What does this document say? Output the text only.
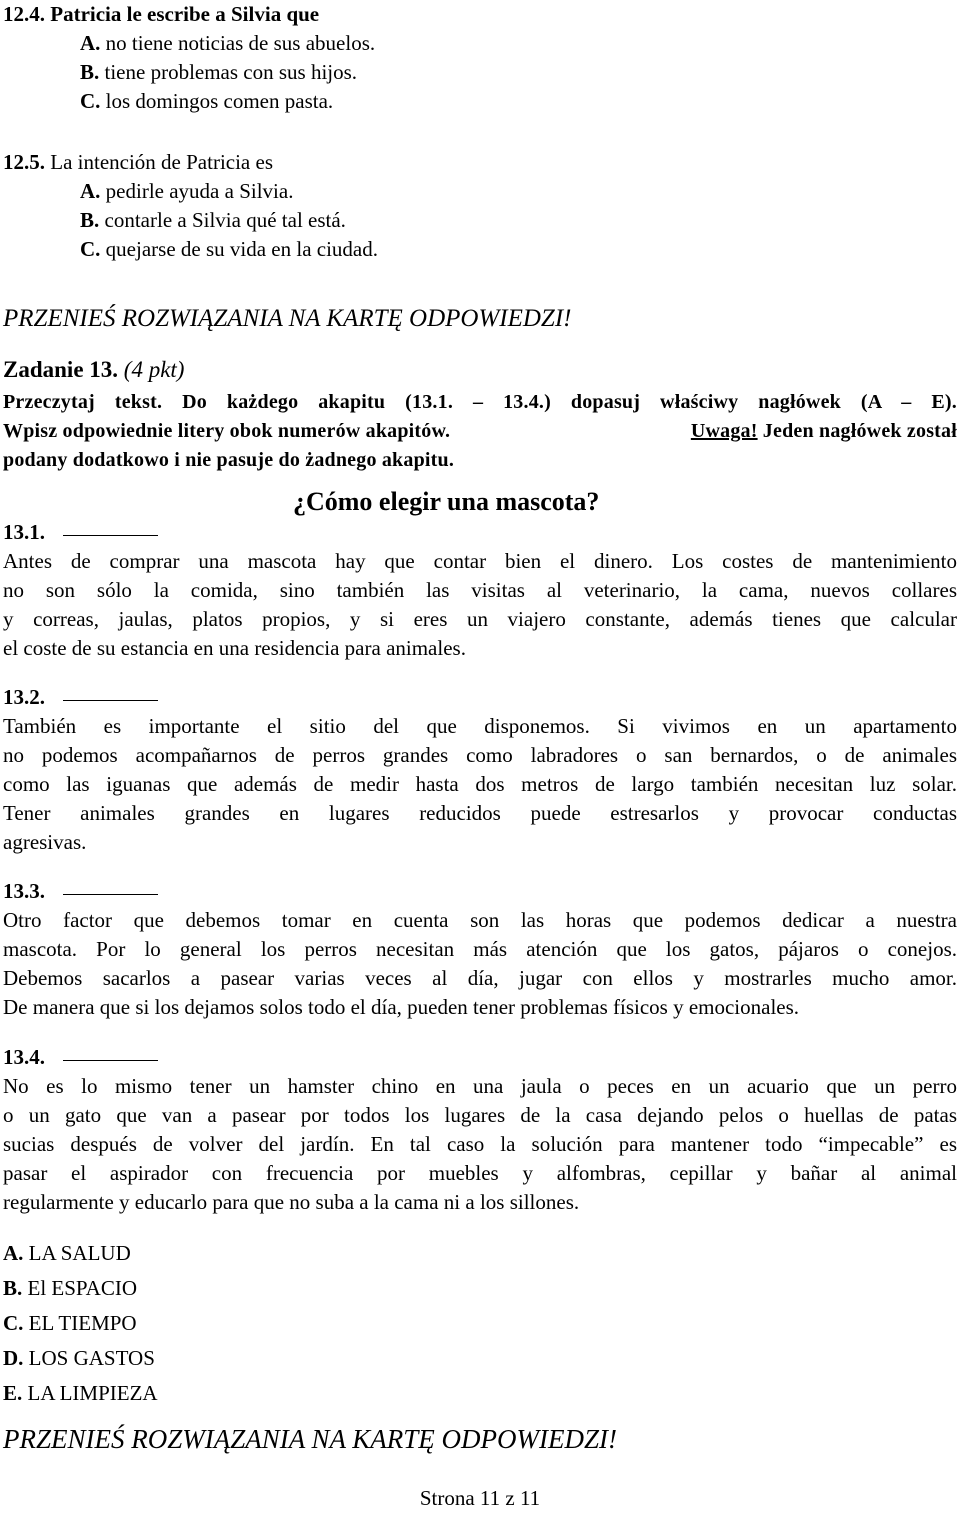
12.4. Patricia le escribe a Silvia que
A. no tiene noticias de sus abuelos.
B. tiene problemas con sus hijos.
C. los domingos comen pasta.
12.5. La intención de Patricia es
A. pedirle ayuda a Silvia.
B. contarle a Silvia qué tal está.
C. quejarse de su vida en la ciudad.
PRZENIEŚ ROZWIĄZANIA NA KARTĘ ODPOWIEDZI!
Zadanie 13. (4 pkt)
Przeczytaj tekst. Do każdego akapitu (13.1. – 13.4.) dopasuj właściwy nagłówek (A – E).
Wpisz odpowiednie litery obok numerów akapitów.	Uwaga! Jeden nagłówek został
podany dodatkowo i nie pasuje do żadnego akapitu.
¿Cómo elegir una mascota?
13.1.
Antes de comprar una mascota hay que contar bien el dinero. Los costes de mantenimiento
no son sólo la comida, sino también las visitas al veterinario, la cama, nuevos collares
y correas, jaulas, platos propios, y si eres un viajero constante, además tienes que calcular
el coste de su estancia en una residencia para animales.
13.2.
También es importante el sitio del que disponemos. Si vivimos en un apartamento
no podemos acompañarnos de perros grandes como labradores o san bernardos, o de animales
como las iguanas que además de medir hasta dos metros de largo también necesitan luz solar.
Tener animales grandes en lugares reducidos puede estresarlos y provocar conductas
agresivas.
13.3.
Otro factor que debemos tomar en cuenta son las horas que podemos dedicar a nuestra
mascota. Por lo general los perros necesitan más atención que los gatos, pájaros o conejos.
Debemos sacarlos a pasear varias veces al día, jugar con ellos y mostrarles mucho amor.
De manera que si los dejamos solos todo el día, pueden tener problemas físicos y emocionales.
13.4.
No es lo mismo tener un hamster chino en una jaula o peces en un acuario que un perro
o un gato que van a pasear por todos los lugares de la casa dejando pelos o huellas de patas
sucias después de volver del jardín. En tal caso la solución para mantener todo “impecable” es
pasar el aspirador con frecuencia por muebles y alfombras, cepillar y bañar al animal
regularmente y educarlo para que no suba a la cama ni a los sillones.
A. LA SALUD
B. El ESPACIO
C. EL TIEMPO
D. LOS GASTOS
E. LA LIMPIEZA
PRZENIEŚ ROZWIĄZANIA NA KARTĘ ODPOWIEDZI!
Strona 11 z 11
